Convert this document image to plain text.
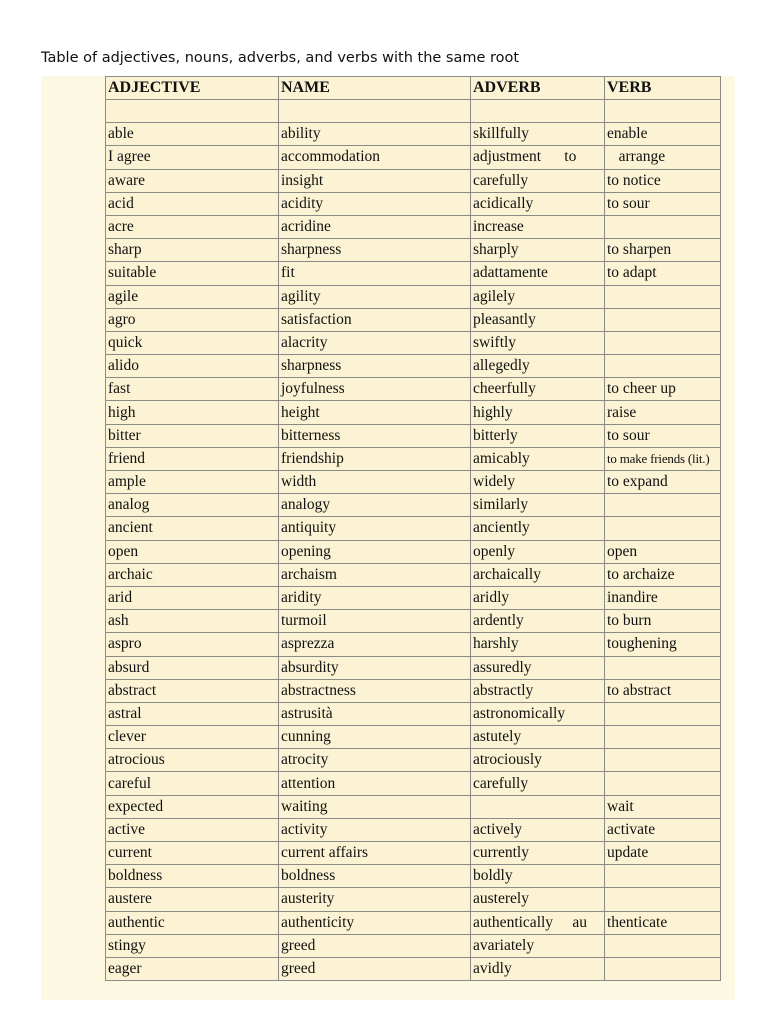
Table of adjectives, nouns, adverbs, and verbs with the same root
ADJECTIVE	NAME	ADVERB	VERB

able	ability	skillfully	enable
I agree	accommodation	adjustment      to	arrange
aware	insight	carefully	to notice
acid	acidity	acidically	to sour
acre	acridine	increase	
sharp	sharpness	sharply	to sharpen
suitable	fit	adattamente	to adapt
agile	agility	agilely	
agro	satisfaction	pleasantly	
quick	alacrity	swiftly	
alido	sharpness	allegedly	
fast	joyfulness	cheerfully	to cheer up
high	height	highly	raise
bitter	bitterness	bitterly	to sour
friend	friendship	amicably	to make friends (lit.)
ample	width	widely	to expand
analog	analogy	similarly	
ancient	antiquity	anciently	
open	opening	openly	open
archaic	archaism	archaically	to archaize
arid	aridity	aridly	inandire
ash	turmoil	ardently	to burn
aspro	asprezza	harshly	toughening
absurd	absurdity	assuredly	
abstract	abstractness	abstractly	to abstract
astral	astrusità	astronomically	
clever	cunning	astutely	
atrocious	atrocity	atrociously	
careful	attention	carefully	
expected	waiting		wait
active	activity	actively	activate
current	current affairs	currently	update
boldness	boldness	boldly	
austere	austerity	austerely	
authentic	authenticity	authentically     au	thenticate
stingy	greed	avariately	
eager	greed	avidly	
